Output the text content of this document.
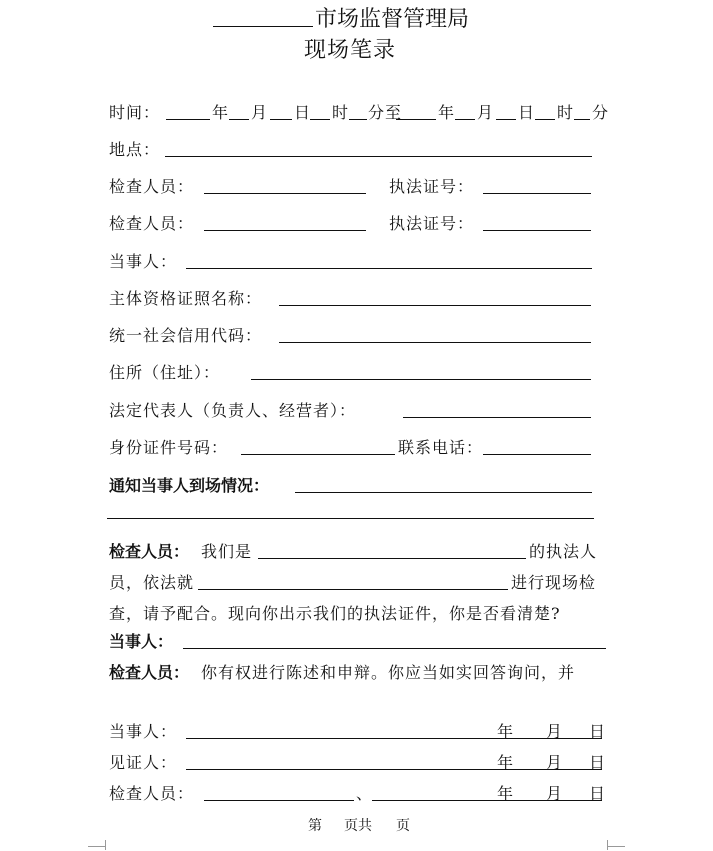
市场监督管理局
现场笔录
时间：	年 月 日 时 分至 年 月 日 时 分
地点：
检查人员：	执法证号：
检查人员：	执法证号：
当事人：
主体资格证照名称：
统一社会信用代码：
住所（住址）：
法定代表人（负责人、经营者）：
身份证件号码：	联系电话：
通知当事人到场情况：
检查人员： 我们是	的执法人
员，依法就	进行现场检
查，请予配合。现向你出示我们的执法证件，你是否看清楚?
当事人：
检查人员： 你有权进行陈述和申辩。你应当如实回答询问，并
当事人：	年 月 日
见证人：	年 月 日
检查人员：	、	年 月 日
第 页共 页
